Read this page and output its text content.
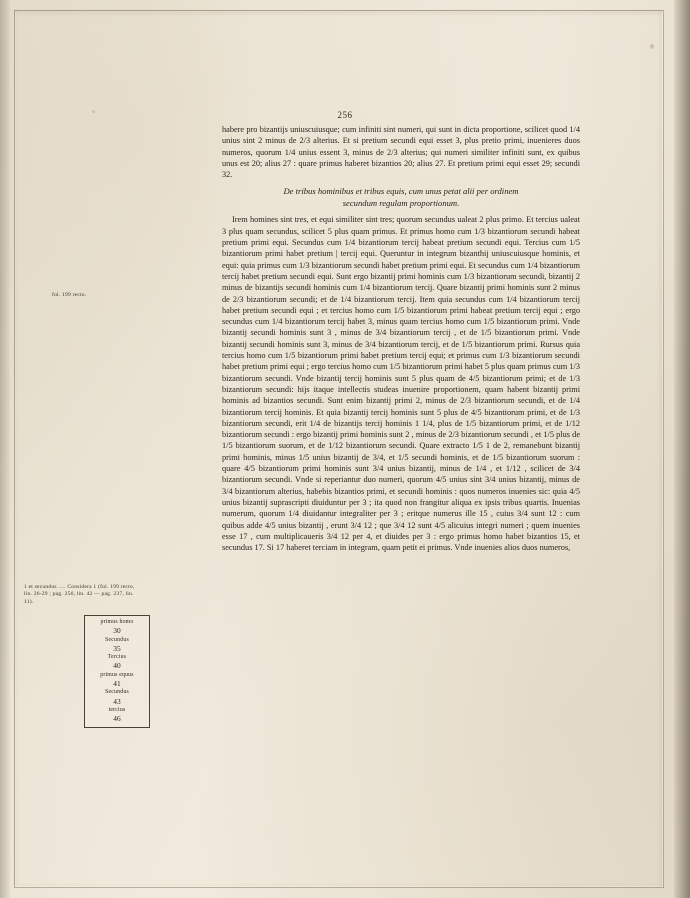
256
fol. 199 recto.
1 et secundus …. Considera 1 (fol. 199 recto, lin. 26-29 ; pag. 256, lin. 42 — pag. 237, lin. 11).
primus homo
30
Secundus
35
Tercius
40
primus equus
41
Secundus
43
tercius
46

habere pro bizantijs uniuscuiusque; cum infiniti sint numeri, qui sunt in dicta proportione, scilicet quod 1/4 unius sint 2 minus de 2/3 alterius. Et si pretium secundi equi esset 3, plus pretio primi, inuenieres duos numeros, quorum 1/4 unius essent 3, minus de 2/3 alterius; qui numeri similiter infiniti sunt, ex quibus unus est 20; alius 27 : quare primus haberet bizantios 20; alius 27. Et pretium primi equi esset 29; secundi 32.

De tribus hominibus et tribus equis, cum unus petat alii per ordinem
secundum regulam proportionum.

Irem homines sint tres, et equi similiter sint tres; quorum secundus ualeat 2 plus primo. Et tercius ualeat 3 plus quam secundus, scilicet 5 plus quam primus. Et primus homo cum 1/3 bizantiorum secundi habeat pretium primi equi. Secundus cum 1/4 bizantiorum tercij habeat pretium secundi equi. Tercius cum 1/5 bizantiorum primi habet pretium | tercij equi. Queruntur in integrum bizanthij uniuscuiusque hominis, et equi: quia primus cum 1/3 bizantiorum secundi habet pretium primi equi. Et secundus cum 1/4 bizantiorum tercij habet pretium secundi equi. Sunt ergo bizantij primi hominis cum 1/3 bizantiorum secundi, bizantij 2 minus de bizantijs secundi hominis cum 1/4 bizantiorum tercij. Quare bizantij primi hominis sunt 2 minus de 2/3 bizantiorum secundi; et de 1/4 bizantiorum tercij. Item quia secundus cum 1/4 bizantiorum tercij habet pretium secundi equi ; et tercius homo cum 1/5 bizantiorum primi habeat pretium tercij equi ; ergo secundus cum 1/4 bizantiorum tercij habet 3, minus quam tercius homo cum 1/5 bizantiorum primi. Vnde bizantij secundi hominis sunt 3 , minus de 3/4 bizantiorum tercij , et de 1/5 bizantiorum primi. Vnde bizantij secundi hominis sunt 3, minus de 3/4 bizantiorum tercij, et de 1/5 bizantiorum primi. Rursus quia tercius homo cum 1/5 bizantiorum primi habet pretium tercij equi; et primus cum 1/3 bizantiorum secundi habet pretium primi equi ; ergo tercius homo cum 1/5 bizantiorum primi habet 5 plus quam primus cum 1/3 bizantiorum secundi. Vnde bizantij tercij hominis sunt 5 plus quam de 4/5 bizantiorum primi; et de 1/3 bizantiorum secundi: hijs itaque intellectis studeas inuenire proportionem, quam habent bizantij primi hominis ad bizantios secundi. Sunt enim bizantij primi 2, minus de 2/3 bizantiorum secundi, et de 1/4 bizantiorum tercij hominis. Et quia bizantij tercij hominis sunt 5 plus de 4/5 bizantiorum primi, et de 1/3 bizantiorum secundi, erit 1/4 de bizantijs tercij hominis 1 1/4, plus de 1/5 bizantiorum primi, et de 1/12 bizantiorum secundi : ergo bizantij primi hominis sunt 2 , minus de 2/3 bizantiorum secundi , et 1/5 plus de 1/5 bizantiorum suorum, et de 1/12 bizantiorum secundi. Quare extracto 1/5 1 de 2, remanebunt bizantij primi hominis, minus 1/5 unius bizantij de 3/4, et 1/5 secundi hominis, et de 1/5 bizantiorum suorum : quare 4/5 bizantiorum primi hominis sunt 3/4 unius bizantij, minus de 1/4 , et 1/12 , scilicet de 3/4 bizantiorum secundi. Vnde si reperiantur duo numeri, quorum 4/5 unius sint 3/4 unius bizantij, minus de 3/4 bizantiorum alterius, habebis bizantios primi, et secundi hominis : quos numeros inuenies sic: quia 4/5 unius bizantij suprascripti diuiduntur per 3 ; ita quod non frangitur aliqua ex ipsis tribus quartis. Inuenias numerum, quorum 1/4 diuidantur integraliter per 3 ; eritque numerus ille 15 , cuius 3/4 sunt 12 : cum quibus adde 4/5 unius bizantij , erunt 3/4 12 ; que 3/4 12 sunt 4/5 alicuius integri numeri ; quem inuenies esse 17 , cum multiplicaueris 3/4 12 per 4, et diuides per 3 : ergo primus homo habet bizantios 15, et secundus 17. Si 17 haberet terciam in integram, quam petit ei primus. Vnde inuenies alios duos numeros,
